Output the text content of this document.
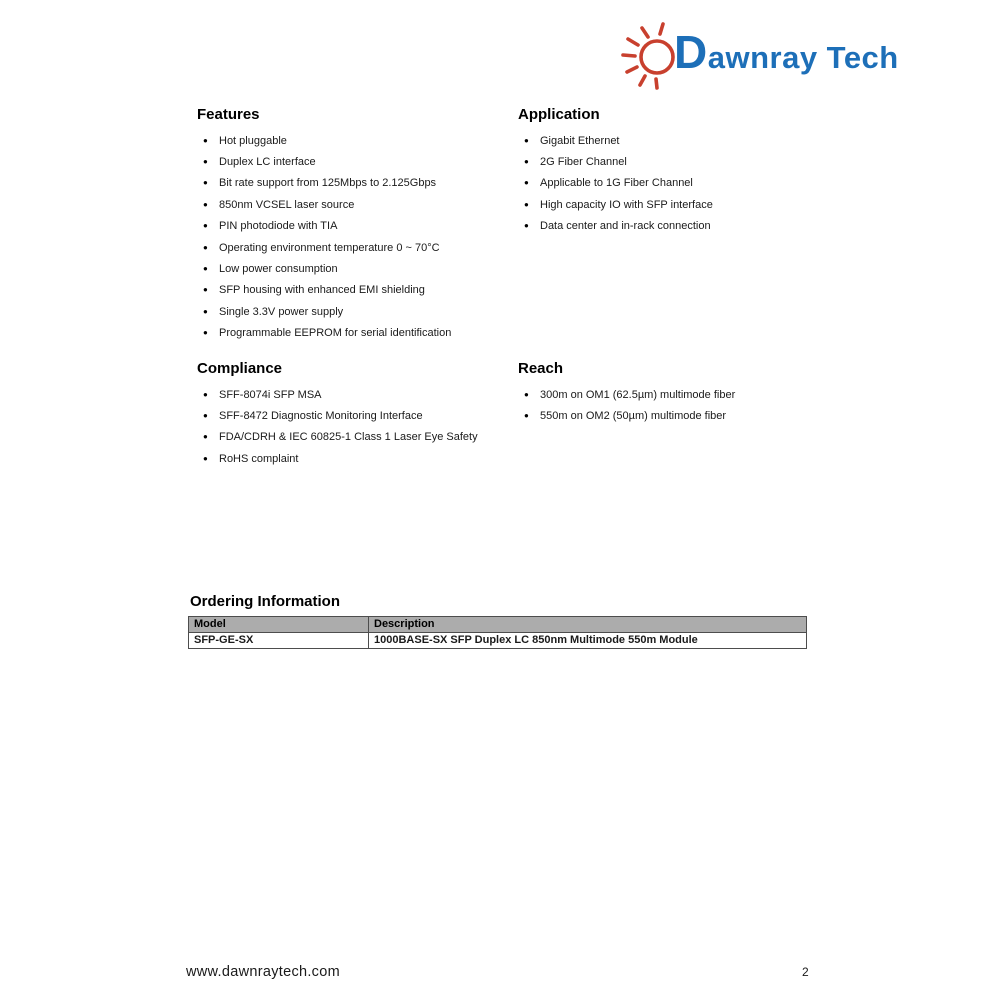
Dawnray Tech
Features
●	Hot pluggable
●	Duplex LC interface
●	Bit rate support from 125Mbps to 2.125Gbps
●	850nm VCSEL laser source
●	PIN photodiode with TIA
●	Operating environment temperature 0 ~ 70°C
●	Low power consumption
●	SFP housing with enhanced EMI shielding
●	Single 3.3V power supply
●	Programmable EEPROM for serial identification
Application
●	Gigabit Ethernet
●	2G Fiber Channel
●	Applicable to 1G Fiber Channel
●	High capacity IO with SFP interface
●	Data center and in-rack connection
Compliance
●	SFF-8074i SFP MSA
●	SFF-8472 Diagnostic Monitoring Interface
●	FDA/CDRH & IEC 60825-1 Class 1 Laser Eye Safety
●	RoHS complaint
Reach
●	300m on OM1 (62.5µm) multimode fiber
●	550m on OM2 (50µm) multimode fiber
Ordering Information
Model	Description
SFP-GE-SX	1000BASE-SX SFP Duplex LC 850nm Multimode 550m Module
www.dawnraytech.com	2
